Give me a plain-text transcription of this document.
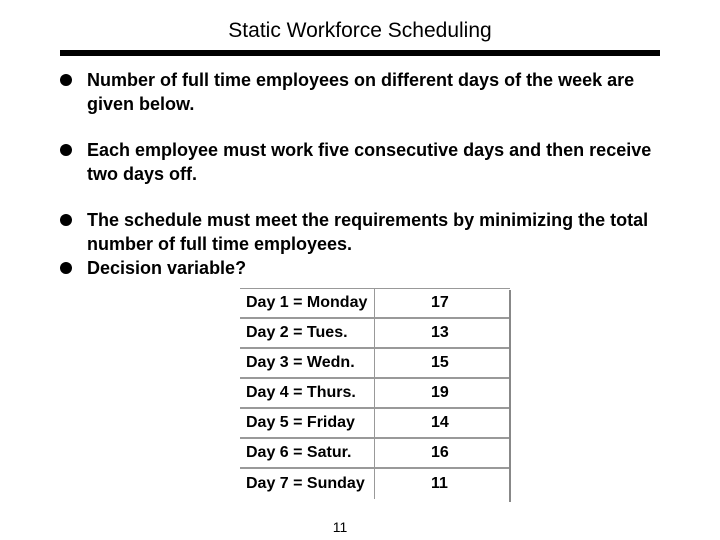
Static Workforce Scheduling
Number of full time employees on different days of the week are given below.
Each employee must work five consecutive days and then receive two days off.
The schedule must meet the requirements by minimizing the total number of full time employees.
Decision variable?
Day 1 = Monday	17
Day 2 = Tues.	13
Day 3 = Wedn.	15
Day 4 = Thurs.	19
Day 5 = Friday	14
Day 6 = Satur.	16
Day 7 = Sunday	11
11
